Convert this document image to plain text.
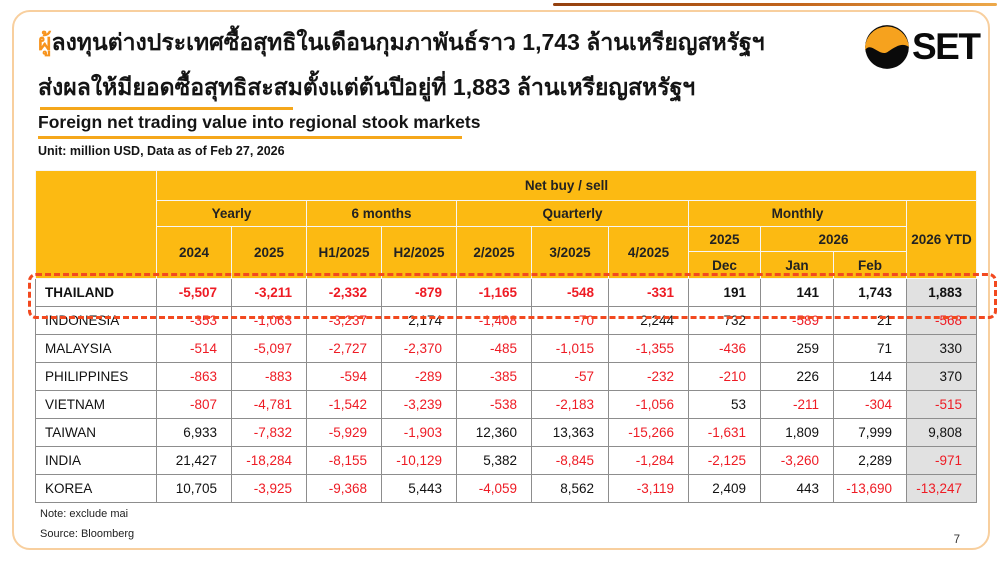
ผู้ลงทุนต่างประเทศซื้อสุทธิในเดือนกุมภาพันธ์ราว 1,743 ล้านเหรียญสหรัฐฯ
ส่งผลให้มียอดซื้อสุทธิสะสมตั้งแต่ต้นปีอยู่ที่ 1,883 ล้านเหรียญสหรัฐฯ
SET
Foreign net trading value into regional stook markets
Unit: million USD, Data as of Feb 27, 2026
	Net buy / sell										
	Yearly		6 months		Quarterly			Monthly			2026 YTD
	2024	2025	H1/2025	H2/2025	2/2025	3/2025	4/2025	2025	2026		
								Dec	Jan	Feb	
THAILAND	-5,507	-3,211	-2,332	-879	-1,165	-548	-331	191	141	1,743	1,883
INDONESIA	-353	-1,063	-3,237	2,174	-1,408	-70	2,244	732	-589	21	-568
MALAYSIA	-514	-5,097	-2,727	-2,370	-485	-1,015	-1,355	-436	259	71	330
PHILIPPINES	-863	-883	-594	-289	-385	-57	-232	-210	226	144	370
VIETNAM	-807	-4,781	-1,542	-3,239	-538	-2,183	-1,056	53	-211	-304	-515
TAIWAN	6,933	-7,832	-5,929	-1,903	12,360	13,363	-15,266	-1,631	1,809	7,999	9,808
INDIA	21,427	-18,284	-8,155	-10,129	5,382	-8,845	-1,284	-2,125	-3,260	2,289	-971
KOREA	10,705	-3,925	-9,368	5,443	-4,059	8,562	-3,119	2,409	443	-13,690	-13,247
Note: exclude mai
Source: Bloomberg	7
